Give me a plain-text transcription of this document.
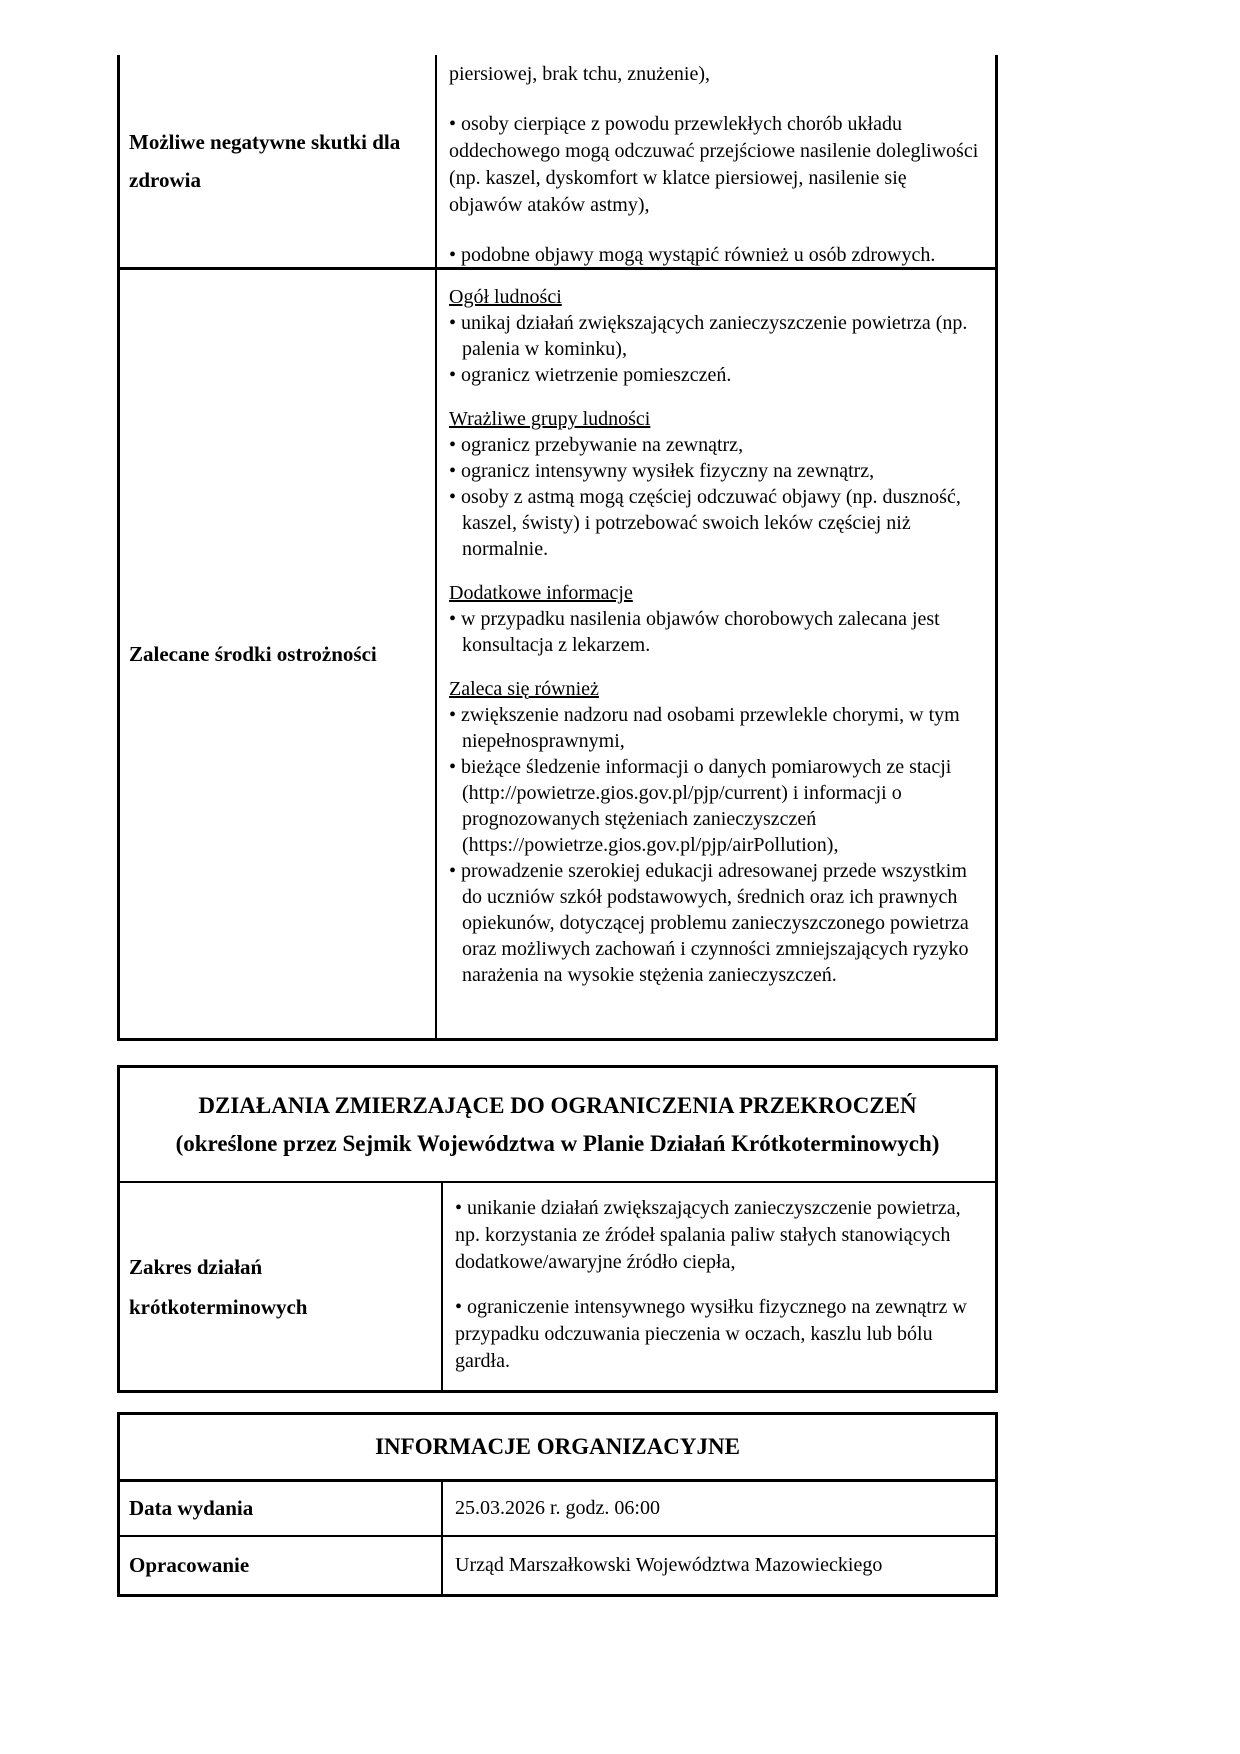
Możliwe negatywne skutki dla zdrowia

piersiowej, brak tchu, znużenie),

• osoby cierpiące z powodu przewlekłych chorób układu oddechowego mogą odczuwać przejściowe nasilenie dolegliwości (np. kaszel, dyskomfort w klatce piersiowej, nasilenie się objawów ataków astmy),

• podobne objawy mogą wystąpić również u osób zdrowych.

Zalecane środki ostrożności

Ogół ludności

• unikaj działań zwiększających zanieczyszczenie powietrza (np. palenia w kominku),

• ogranicz wietrzenie pomieszczeń.

Wrażliwe grupy ludności

• ogranicz przebywanie na zewnątrz,

• ogranicz intensywny wysiłek fizyczny na zewnątrz,

• osoby z astmą mogą częściej odczuwać objawy (np. duszność, kaszel, świsty) i potrzebować swoich leków częściej niż normalnie.

Dodatkowe informacje

• w przypadku nasilenia objawów chorobowych zalecana jest konsultacja z lekarzem.

Zaleca się również

• zwiększenie nadzoru nad osobami przewlekle chorymi, w tym niepełnosprawnymi,

• bieżące śledzenie informacji o danych pomiarowych ze stacji (http://powietrze.gios.gov.pl/pjp/current) i informacji o prognozowanych stężeniach zanieczyszczeń (https://powietrze.gios.gov.pl/pjp/airPollution),

• prowadzenie szerokiej edukacji adresowanej przede wszystkim do uczniów szkół podstawowych, średnich oraz ich prawnych opiekunów, dotyczącej problemu zanieczyszczonego powietrza oraz możliwych zachowań i czynności zmniejszających ryzyko narażenia na wysokie stężenia zanieczyszczeń.

DZIAŁANIA ZMIERZAJĄCE DO OGRANICZENIA PRZEKROCZEŃ
(określone przez Sejmik Województwa w Planie Działań Krótkoterminowych)
Zakres działań krótkoterminowych

• unikanie działań zwiększających zanieczyszczenie powietrza, np. korzystania ze źródeł spalania paliw stałych stanowiących dodatkowe/awaryjne źródło ciepła,

• ograniczenie intensywnego wysiłku fizycznego na zewnątrz w przypadku odczuwania pieczenia w oczach, kaszlu lub bólu gardła.

INFORMACJE ORGANIZACYJNE
Data wydania	25.03.2026 r. godz. 06:00
Opracowanie	Urząd Marszałkowski Województwa Mazowieckiego
